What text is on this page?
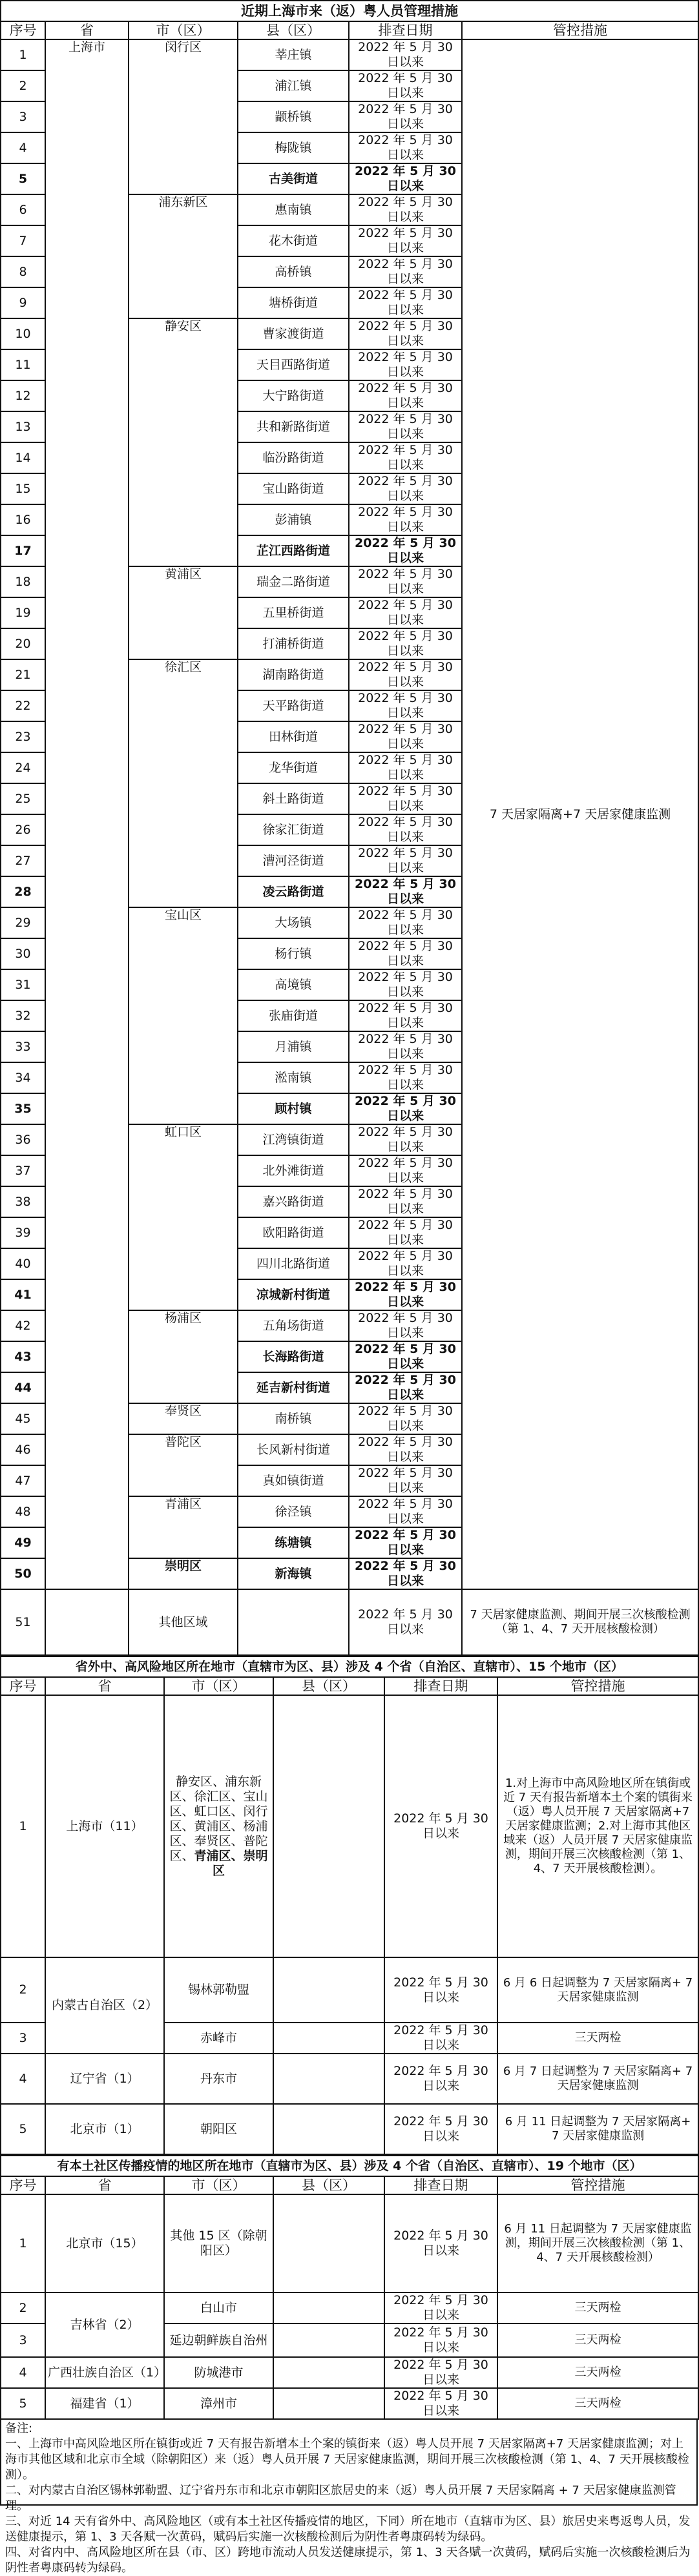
近期上海市来（返）粤人员管理措施					
序号	省	市（区）	县（区）	排查日期	管控措施
1	上海市	闵行区	莘庄镇	2022 年 5 月 30 日以来	7 天居家隔离+7 天居家健康监测
2			浦江镇	2022 年 5 月 30 日以来	
3			颛桥镇	2022 年 5 月 30 日以来	
4			梅陇镇	2022 年 5 月 30 日以来	
5			古美街道	2022 年 5 月 30 日以来	
6		浦东新区	惠南镇	2022 年 5 月 30 日以来	
7			花木街道	2022 年 5 月 30 日以来	
8			高桥镇	2022 年 5 月 30 日以来	
9			塘桥街道	2022 年 5 月 30 日以来	
10		静安区	曹家渡街道	2022 年 5 月 30 日以来	
11			天目西路街道	2022 年 5 月 30 日以来	
12			大宁路街道	2022 年 5 月 30 日以来	
13			共和新路街道	2022 年 5 月 30 日以来	
14			临汾路街道	2022 年 5 月 30 日以来	
15			宝山路街道	2022 年 5 月 30 日以来	
16			彭浦镇	2022 年 5 月 30 日以来	
17			芷江西路街道	2022 年 5 月 30 日以来	
18		黄浦区	瑞金二路街道	2022 年 5 月 30 日以来	
19			五里桥街道	2022 年 5 月 30 日以来	
20			打浦桥街道	2022 年 5 月 30 日以来	
21		徐汇区	湖南路街道	2022 年 5 月 30 日以来	
22			天平路街道	2022 年 5 月 30 日以来	
23			田林街道	2022 年 5 月 30 日以来	
24			龙华街道	2022 年 5 月 30 日以来	
25			斜土路街道	2022 年 5 月 30 日以来	
26			徐家汇街道	2022 年 5 月 30 日以来	
27			漕河泾街道	2022 年 5 月 30 日以来	
28			凌云路街道	2022 年 5 月 30 日以来	
29		宝山区	大场镇	2022 年 5 月 30 日以来	
30			杨行镇	2022 年 5 月 30 日以来	
31			高境镇	2022 年 5 月 30 日以来	
32			张庙街道	2022 年 5 月 30 日以来	
33			月浦镇	2022 年 5 月 30 日以来	
34			淞南镇	2022 年 5 月 30 日以来	
35			顾村镇	2022 年 5 月 30 日以来	
36		虹口区	江湾镇街道	2022 年 5 月 30 日以来	
37			北外滩街道	2022 年 5 月 30 日以来	
38			嘉兴路街道	2022 年 5 月 30 日以来	
39			欧阳路街道	2022 年 5 月 30 日以来	
40			四川北路街道	2022 年 5 月 30 日以来	
41			凉城新村街道	2022 年 5 月 30 日以来	
42		杨浦区	五角场街道	2022 年 5 月 30 日以来	
43			长海路街道	2022 年 5 月 30 日以来	
44			延吉新村街道	2022 年 5 月 30 日以来	
45		奉贤区	南桥镇	2022 年 5 月 30 日以来	
46		普陀区	长风新村街道	2022 年 5 月 30 日以来	
47			真如镇街道	2022 年 5 月 30 日以来	
48		青浦区	徐泾镇	2022 年 5 月 30 日以来	
49			练塘镇	2022 年 5 月 30 日以来	
50		崇明区	新海镇	2022 年 5 月 30 日以来	
51		其他区域		2022 年 5 月 30 日以来	7 天居家健康监测、期间开展三次核酸检测（第 1、4、7 天开展核酸检测）
省外中、高风险地区所在地市（直辖市为区、县）涉及 4 个省（自治区、直辖市）、15 个地市（区）					
序号	省	市（区）	县（区）	排查日期	管控措施
1	上海市（11）	静安区、浦东新区、徐汇区、宝山区、虹口区、闵行区、黄浦区、杨浦区、奉贤区、普陀区、青浦区、崇明区		2022 年 5 月 30 日以来	1.对上海市中高风险地区所在镇街或近 7 天有报告新增本土个案的镇街来（返）粤人员开展 7 天居家隔离+7 天居家健康监测；2.对上海市其他区域来（返）人员开展 7 天居家健康监测，期间开展三次核酸检测（第 1、4、7 天开展核酸检测）。
2	内蒙古自治区（2）	锡林郭勒盟		2022 年 5 月 30 日以来	6 月 6 日起调整为 7 天居家隔离+ 7 天居家健康监测
3		赤峰市		2022 年 5 月 30 日以来	三天两检
4	辽宁省（1）	丹东市		2022 年 5 月 30 日以来	6 月 7 日起调整为 7 天居家隔离+ 7 天居家健康监测
5	北京市（1）	朝阳区		2022 年 5 月 30 日以来	6 月 11 日起调整为 7 天居家隔离+ 7 天居家健康监测
有本土社区传播疫情的地区所在地市（直辖市为区、县）涉及 4 个省（自治区、直辖市）、19 个地市（区）					
序号	省	市（区）	县（区）	排查日期	管控措施
1	北京市（15）	其他 15 区（除朝阳区）		2022 年 5 月 30 日以来	6 月 11 日起调整为 7 天居家健康监测，期间开展三次核酸检测（第 1、4、7 天开展核酸检测）
2	吉林省（2）	白山市		2022 年 5 月 30 日以来	三天两检
3		延边朝鲜族自治州		2022 年 5 月 30 日以来	三天两检
4	广西壮族自治区（1）	防城港市		2022 年 5 月 30 日以来	三天两检
5	福建省（1）	漳州市		2022 年 5 月 30 日以来	三天两检
备注:
一、上海市中高风险地区所在镇街或近 7 天有报告新增本土个案的镇街来（返）粤人员开展 7 天居家隔离+7 天居家健康监测；对上海市其他区域和北京市全域（除朝阳区）来（返）粤人员开展 7 天居家健康监测，期间开展三次核酸检测（第 1、4、7 天开展核酸检测）。
二、对内蒙古自治区锡林郭勒盟、辽宁省丹东市和北京市朝阳区旅居史的来（返）粤人员开展 7 天居家隔离 + 7 天居家健康监测管理。
三、对近 14 天有省外中、高风险地区（或有本土社区传播疫情的地区，下同）所在地市（直辖市为区、县）旅居史来粤返粤人员，发送健康提示，第 1、3 天各赋一次黄码，赋码后实施一次核酸检测后为阴性者粤康码转为绿码。
四、对省内中、高风险地区所在县（市、区）跨地市流动人员发送健康提示，第 1、3 天各赋一次黄码，赋码后实施一次核酸检测后为阴性者粤康码转为绿码。
